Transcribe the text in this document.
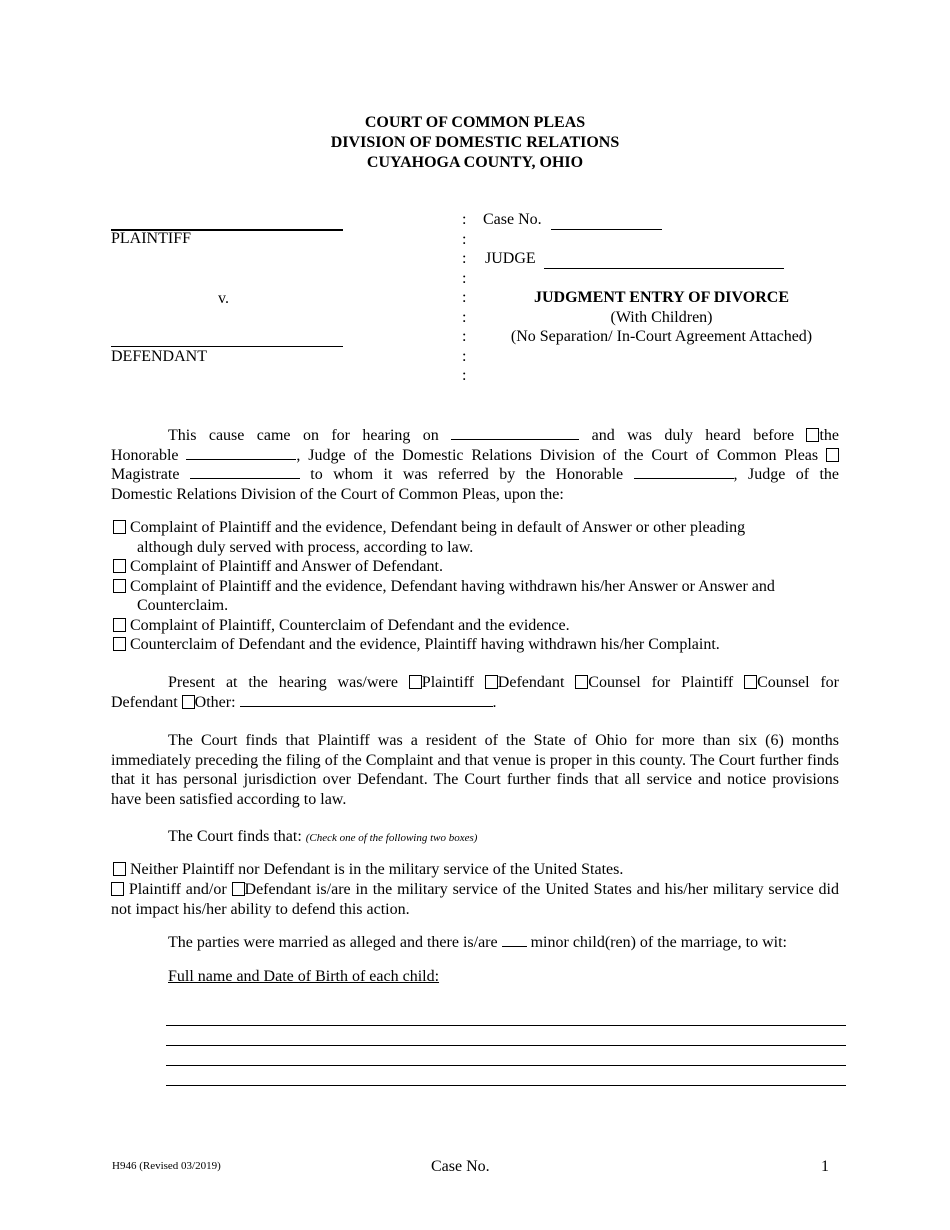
COURT OF COMMON PLEAS
DIVISION OF DOMESTIC RELATIONS
CUYAHOGA COUNTY, OHIO
PLAINTIFF
v.
DEFENDANT
:
:
:
:
:
:
:
:
:
Case No.
JUDGE
JUDGMENT ENTRY OF DIVORCE
(With Children)
(No Separation/ In-Court Agreement Attached)

This cause came on for hearing on	and was duly heard before the

Honorable	, Judge of the Domestic Relations Division of the Court of Common Pleas

Magistrate	to whom it was referred by the Honorable	, Judge of the

Domestic Relations Division of the Court of Common Pleas, upon the:

Complaint of Plaintiff and the evidence, Defendant being in default of Answer or other pleading
although duly served with process, according to law.
Complaint of Plaintiff and Answer of Defendant.
Complaint of Plaintiff and the evidence, Defendant having withdrawn his/her Answer or Answer and
Counterclaim.
Complaint of Plaintiff, Counterclaim of Defendant and the evidence.
Counterclaim of Defendant and the evidence, Plaintiff having withdrawn his/her Complaint.

Present at the hearing was/were Plaintiff Defendant Counsel for Plaintiff Counsel for

Defendant Other:	.

The Court finds that Plaintiff was a resident of the State of Ohio for more than six (6) months immediately preceding the filing of the Complaint and that venue is proper in this county. The Court further finds that it has personal jurisdiction over Defendant. The Court further finds that all service and notice provisions have been satisfied according to law.

The Court finds that: (Check one of the following two boxes)
Neither Plaintiff nor Defendant is in the military service of the United States.

Plaintiff and/or Defendant is/are in the military service of the United States and his/her military service did not impact his/her ability to defend this action.

The parties were married as alleged and there is/are minor child(ren) of the marriage, to wit:
Full name and Date of Birth of each child:
H946 (Revised 03/2019)	Case No.	1
